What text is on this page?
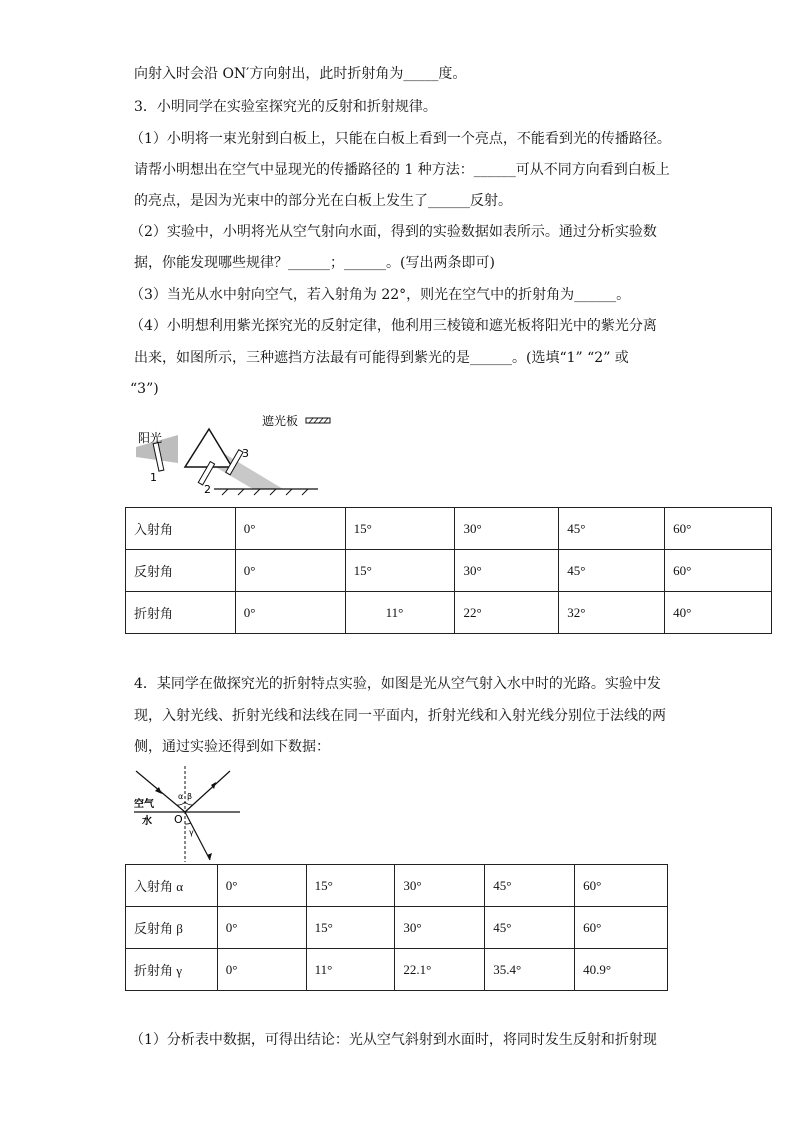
向射入时会沿 ON′方向射出，此时折射角为_____度。
3．小明同学在实验室探究光的反射和折射规律。
（1）小明将一束光射到白板上，只能在白板上看到一个亮点，不能看到光的传播路径。
请帮小明想出在空气中显现光的传播路径的 1 种方法：______可从不同方向看到白板上
的亮点，是因为光束中的部分光在白板上发生了______反射。
（2）实验中，小明将光从空气射向水面，得到的实验数据如表所示。通过分析实验数
据，你能发现哪些规律？______；______。(写出两条即可)
（3）当光从水中射向空气，若入射角为 22°，则光在空气中的折射角为______。
（4）小明想利用紫光探究光的反射定律，他利用三棱镜和遮光板将阳光中的紫光分离
出来，如图所示，三种遮挡方法最有可能得到紫光的是______。(选填“1” “2” 或
“3”)
遮光板
阳光
1
2
3
入射角	0°	15°	30°	45°	60°
反射角	0°	15°	30°	45°	60°
折射角	0°	11°	22°	32°	40°
4．某同学在做探究光的折射特点实验，如图是光从空气射入水中时的光路。实验中发
现，入射光线、折射光线和法线在同一平面内，折射光线和入射光线分别位于法线的两
侧，通过实验还得到如下数据：
空气
水 O
α β
γ
入射角 α	0°	15°	30°	45°	60°
反射角 β	0°	15°	30°	45°	60°
折射角 γ	0°	11°	22.1°	35.4°	40.9°
（1）分析表中数据，可得出结论：光从空气斜射到水面时，将同时发生反射和折射现
